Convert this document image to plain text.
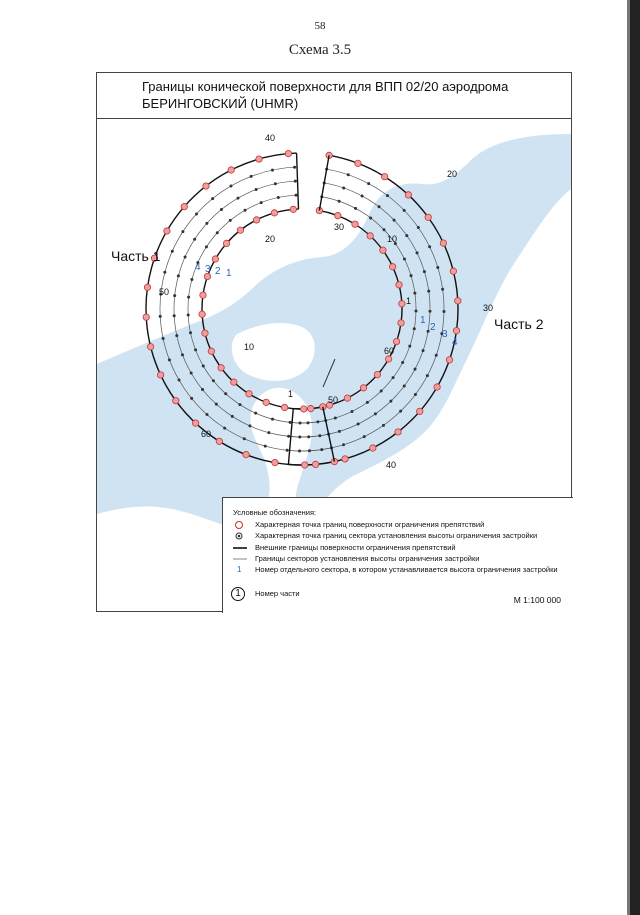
58
Схема 3.5
Границы конической поверхности для ВПП 02/20 аэродрома
БЕРИНГОВСКИЙ (UHMR)
40
30
20
50
10
1
60
4 3 2 1
Часть 1
20
10
1
30
60
50
40
1
2
3
4
Часть 2
Условные обозначения:
Характерная точка границ поверхности ограничения препятствий
Характерная точка границ сектора установления высоты ограничения застройки
Внешние границы поверхности ограничения препятствий
Границы секторов установления высоты ограничения застройки
1	Номер отдельного сектора, в котором устанавливается высота ограничения застройки
1	Номер части
М 1:100 000
